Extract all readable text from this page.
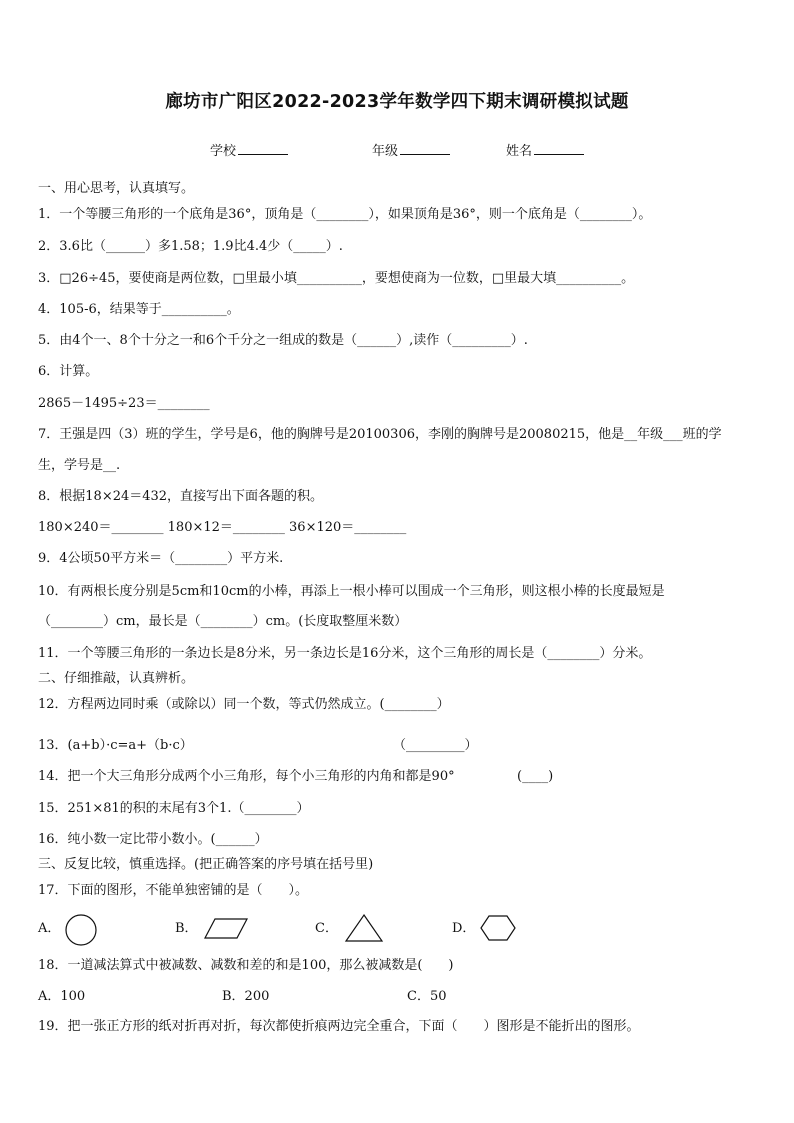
廊坊市广阳区2022-2023学年数学四下期末调研模拟试题
学校	年级	姓名
一、用心思考，认真填写。
1．一个等腰三角形的一个底角是36°，顶角是（________），如果顶角是36°，则一个底角是（________）。
2．3.6比（______）多1.58；1.9比4.4少（_____）.
3．□26÷45，要使商是两位数，□里最小填__________，要想使商为一位数，□里最大填__________。
4．105-6，结果等于__________。
5．由4个一、8个十分之一和6个千分之一组成的数是（______）,读作（_________）.
6．计算。
2865－1495÷23＝________
7．王强是四（3）班的学生，学号是6，他的胸牌号是20100306，李刚的胸牌号是20080215，他是__年级___班的学
生，学号是__.
8．根据18×24＝432，直接写出下面各题的积。
180×240＝________ 180×12＝________ 36×120＝________
9．4公顷50平方米＝（________）平方米.
10．有两根长度分别是5cm和10cm的小棒，再添上一根小棒可以围成一个三角形，则这根小棒的长度最短是
（________）cm，最长是（________）cm。(长度取整厘米数）
11．一个等腰三角形的一条边长是8分米，另一条边长是16分米，这个三角形的周长是（________）分米。
二、仔细推敲，认真辨析。
12．方程两边同时乘（或除以）同一个数，等式仍然成立。(________）
13．(a+b）·c=a+（b·c）	（_________）
14．把一个大三角形分成两个小三角形，每个小三角形的内角和都是90°	(____)
15．251×81的积的末尾有3个1.（________）
16．纯小数一定比带小数小。(______）
三、反复比较，慎重选择。(把正确答案的序号填在括号里)
17．下面的图形，不能单独密铺的是（　　）。
A．	B．	C．	D．
18．一道减法算式中被减数、减数和差的和是100，那么被减数是(　　)
A．100	B．200	C．50
19．把一张正方形的纸对折再对折，每次都使折痕两边完全重合，下面（　　）图形是不能折出的图形。
